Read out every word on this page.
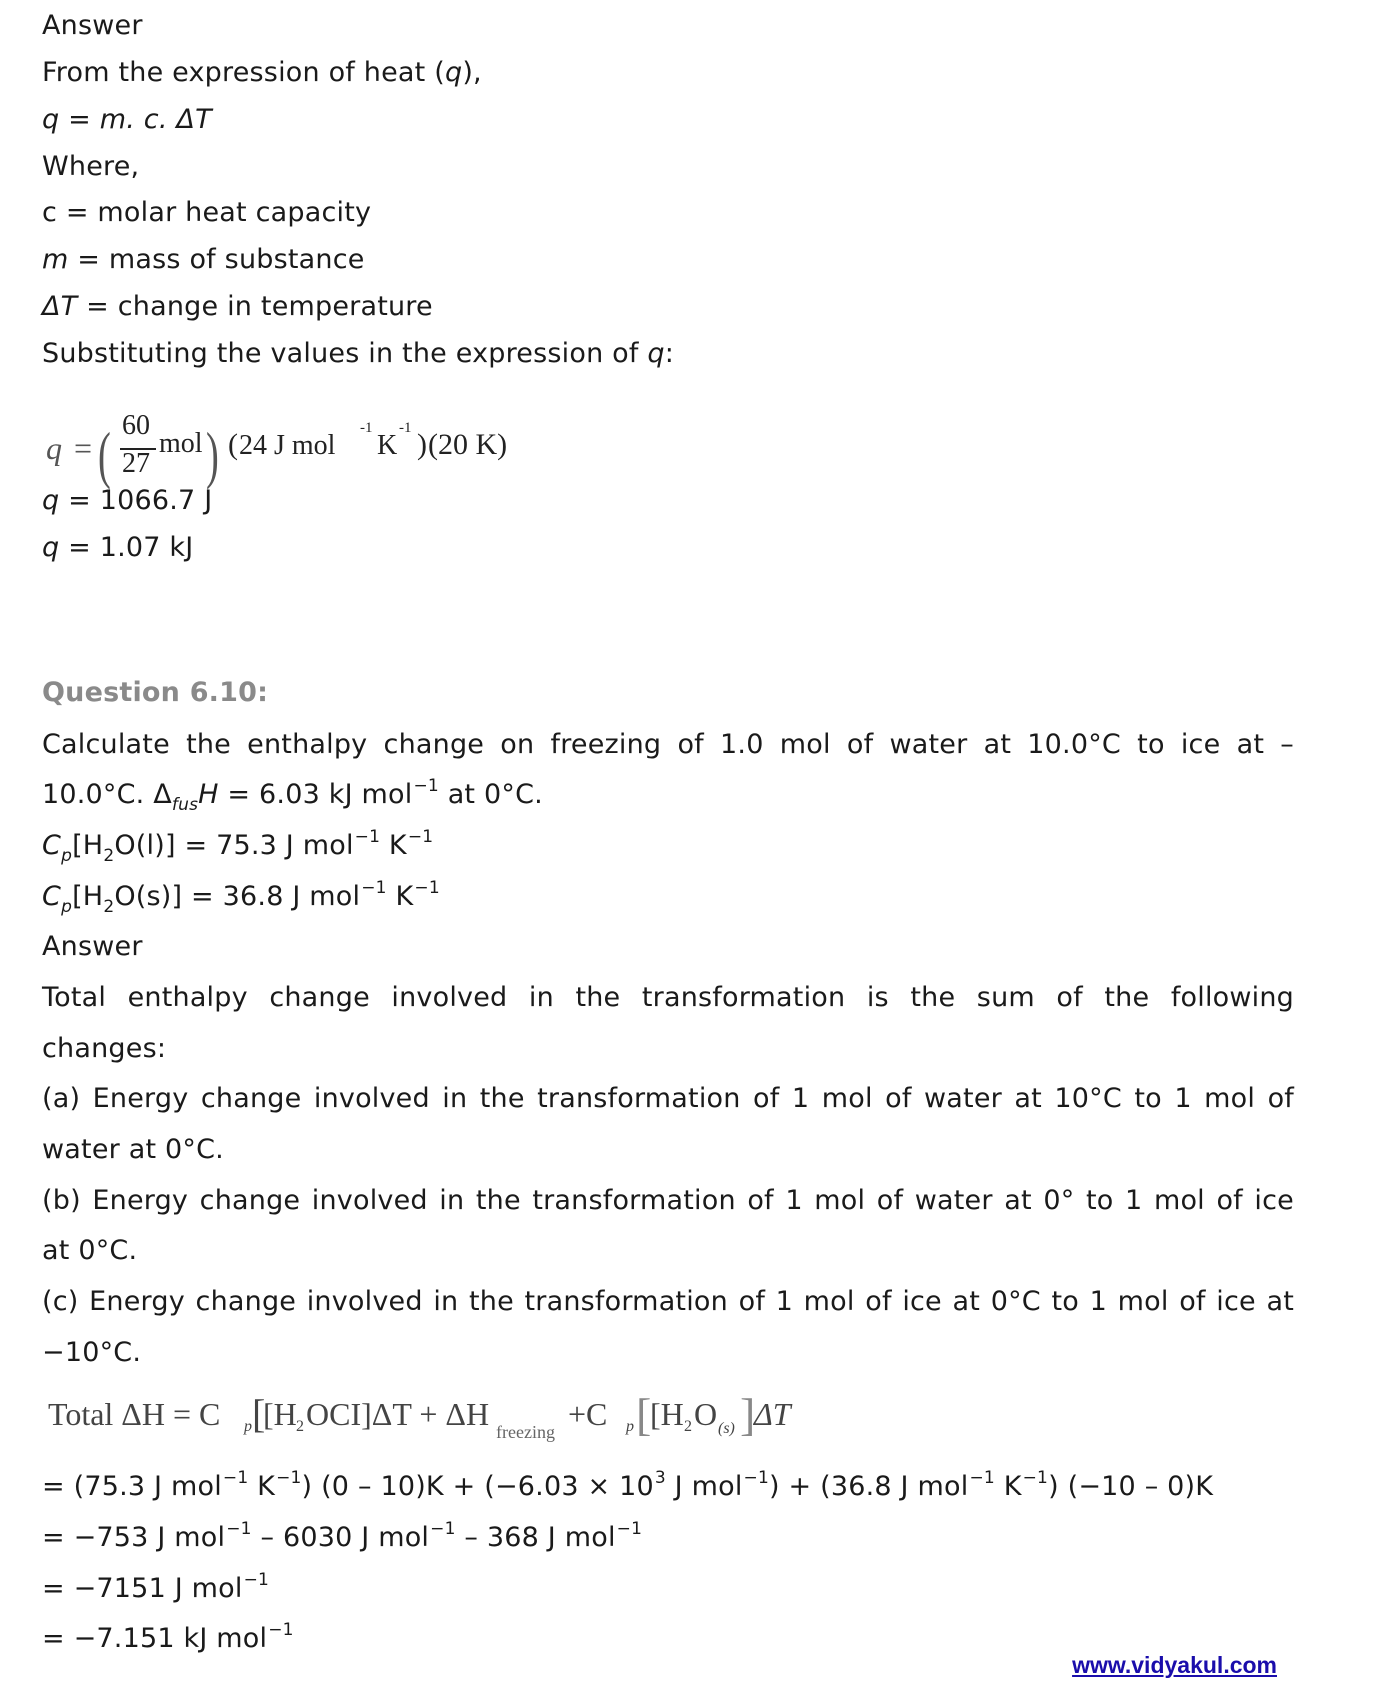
Answer
From the expression of heat (q),
q = m. c. ΔT
Where,
c = molar heat capacity
m = mass of substance
ΔT = change in temperature
Substituting the values in the expression of q:
q = ( 60
27
mol ) ( 24 J mol
-1
K
-1 ) (20 K)
q = 1066.7 J
q = 1.07 kJ
Question 6.10:
Calculate the enthalpy change on freezing of 1.0 mol of water at 10.0°C to ice at –
10.0°C. $\Delta_{fus}H = 6.03$ kJ mol$^{-1}$ at 0°C.
$C_p[H_2O(l)] = 75.3$ J mol$^{-1}$ $K^{-1}$
$C_p[H_2O(s)] = 36.8$ J mol$^{-1}$ $K^{-1}$
Answer
Total enthalpy change involved in the transformation is the sum of the following
changes:
(a) Energy change involved in the transformation of 1 mol of water at 10°C to 1 mol of
water at 0°C.
(b) Energy change involved in the transformation of 1 mol of water at 0° to 1 mol of ice
at 0°C.
(c) Energy change involved in the transformation of 1 mol of ice at 0°C to 1 mol of ice at
−10°C.
Total ΔH = C p [
[H 2 OCI]ΔT + ΔH freezing +C p [
[H 2 O (s) ]
ΔT
= (75.3 J mol$^{-1}$ $K^{-1}$) $(0 - 10)K + (-6.03 \times 10^3$ J mol$^{-1}$) + (36.8 J mol$^{-1}$ $K^{-1}$) (−10 – 0)K
= −753 J mol$^{-1}$ – 6030 J mol$^{-1}$ – 368 J mol$^{-1}$
= −7151 J mol$^{-1}$
= −7.151 kJ mol$^{-1}$
www.vidyakul.com
